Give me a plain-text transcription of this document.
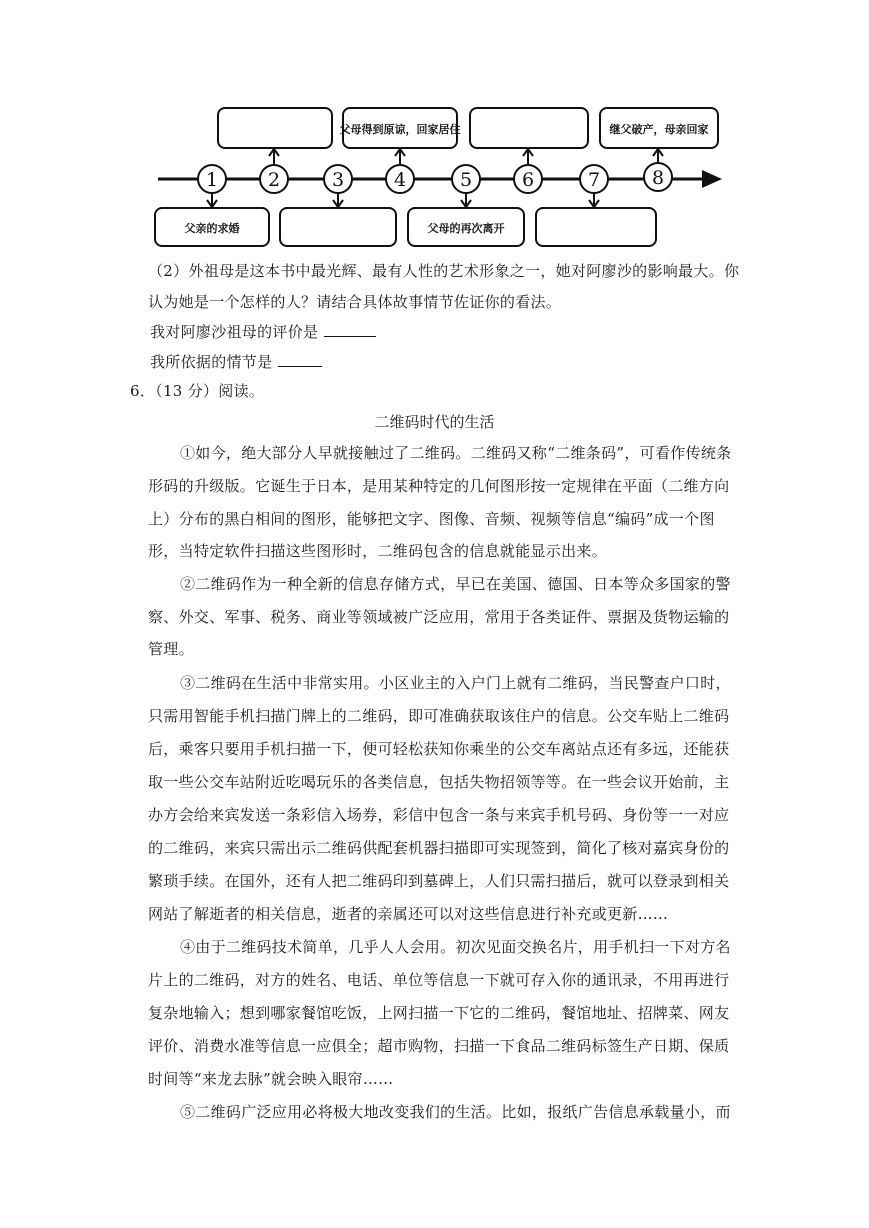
父母得到原谅，回家居住	继父破产，母亲回家
父亲的求婚	父母的再次离开
1	2	3	4	5	6	7	8
（2）外祖母是这本书中最光辉、最有人性的艺术形象之一，她对阿廖沙的影响最大。你
认为她是一个怎样的人？请结合具体故事情节佐证你的看法。
我对阿廖沙祖母的评价是
我所依据的情节是
6．（13 分）阅读。
二维码时代的生活
①如今，绝大部分人早就接触过了二维码。二维码又称“二维条码”，可看作传统条
形码的升级版。它诞生于日本，是用某种特定的几何图形按一定规律在平面（二维方向
上）分布的黑白相间的图形，能够把文字、图像、音频、视频等信息“编码”成一个图
形，当特定软件扫描这些图形时，二维码包含的信息就能显示出来。
②二维码作为一种全新的信息存储方式，早已在美国、德国、日本等众多国家的警
察、外交、军事、税务、商业等领域被广泛应用，常用于各类证件、票据及货物运输的
管理。
③二维码在生活中非常实用。小区业主的入户门上就有二维码，当民警查户口时，
只需用智能手机扫描门牌上的二维码，即可准确获取该住户的信息。公交车贴上二维码
后，乘客只要用手机扫描一下，便可轻松获知你乘坐的公交车离站点还有多远，还能获
取一些公交车站附近吃喝玩乐的各类信息，包括失物招领等等。在一些会议开始前，主
办方会给来宾发送一条彩信入场券，彩信中包含一条与来宾手机号码、身份等一一对应
的二维码，来宾只需出示二维码供配套机器扫描即可实现签到，简化了核对嘉宾身份的
繁琐手续。在国外，还有人把二维码印到墓碑上，人们只需扫描后，就可以登录到相关
网站了解逝者的相关信息，逝者的亲属还可以对这些信息进行补充或更新……
④由于二维码技术简单，几乎人人会用。初次见面交换名片，用手机扫一下对方名
片上的二维码，对方的姓名、电话、单位等信息一下就可存入你的通讯录，不用再进行
复杂地输入；想到哪家餐馆吃饭，上网扫描一下它的二维码，餐馆地址、招牌菜、网友
评价、消费水准等信息一应俱全；超市购物，扫描一下食品二维码标签生产日期、保质
时间等“来龙去脉”就会映入眼帘……
⑤二维码广泛应用必将极大地改变我们的生活。比如，报纸广告信息承载量小，而
